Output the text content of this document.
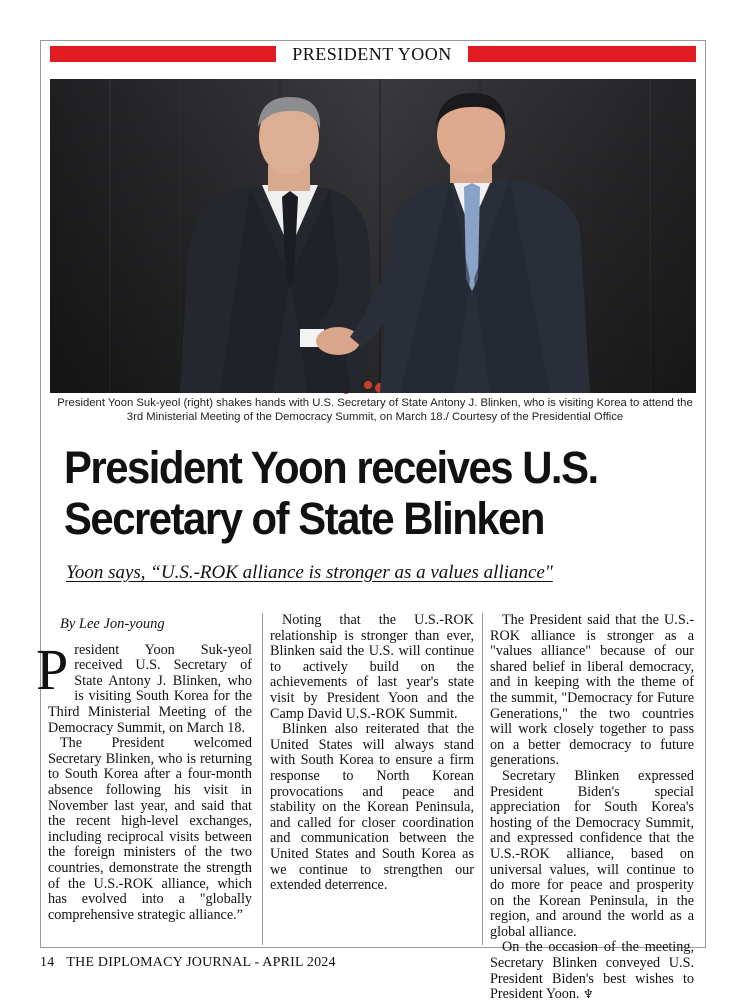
PRESIDENT YOON
President Yoon Suk-yeol (right) shakes hands with U.S. Secretary of State Antony J. Blinken, who is visiting Korea to attend the 3rd Ministerial Meeting of the Democracy Summit, on March 18./ Courtesy of the Presidential Office
President Yoon receives U.S.
Secretary of State Blinken
Yoon says, “U.S.-ROK alliance is stronger as a values alliance"

By Lee Jon-young

President Yoon Suk-yeol received U.S. Secretary of State Antony J. Blinken, who is visiting South Korea for the Third Ministerial Meeting of the Democracy Summit, on March 18.

The President welcomed Secretary Blinken, who is returning to South Korea after a four-month absence following his visit in November last year, and said that the recent high-level exchanges, including reciprocal visits between the foreign ministers of the two countries, demonstrate the strength of the U.S.-ROK alliance, which has evolved into a "globally comprehensive strategic alliance.”

Noting that the U.S.-ROK relationship is stronger than ever, Blinken said the U.S. will continue to actively build on the achievements of last year's state visit by President Yoon and the Camp David U.S.-ROK Summit.

Blinken also reiterated that the United States will always stand with South Korea to ensure a firm response to North Korean provocations and peace and stability on the Korean Peninsula, and called for closer coordination and communication between the United States and South Korea as we continue to strengthen our extended deterrence.

The President said that the U.S.-ROK alliance is stronger as a "values alliance" because of our shared belief in liberal democracy, and in keeping with the theme of the summit, "Democracy for Future Generations," the two countries will work closely together to pass on a better democracy to future generations.

Secretary Blinken expressed President Biden's special appreciation for South Korea's hosting of the Democracy Summit, and expressed confidence that the U.S.-ROK alliance, based on universal values, will continue to do more for peace and prosperity on the Korean Peninsula, in the region, and around the world as a global alliance.

On the occasion of the meeting, Secretary Blinken conveyed U.S. President Biden's best wishes to President Yoon. ♆

14 THE DIPLOMACY JOURNAL - APRIL 2024
